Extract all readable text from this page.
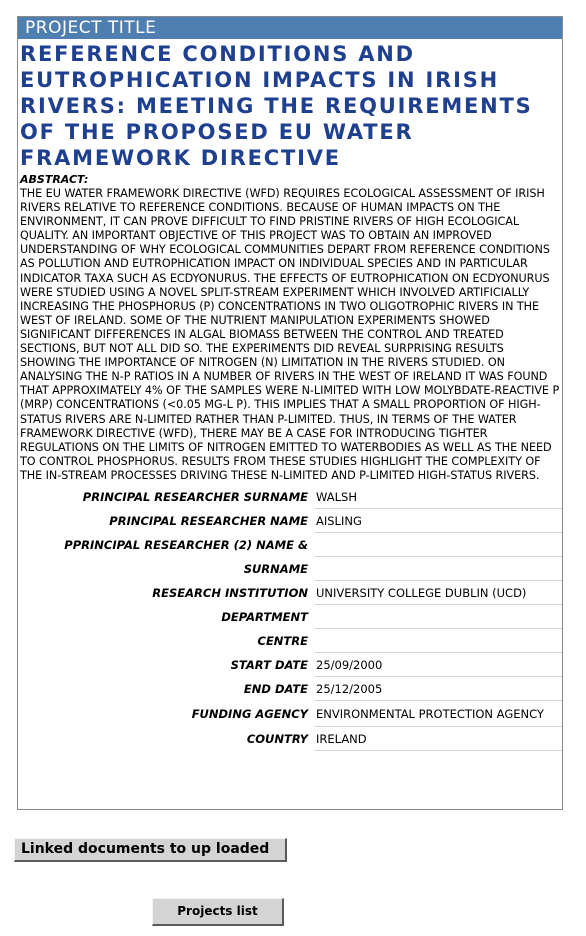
PROJECT TITLE
REFERENCE CONDITIONS AND EUTROPHICATION IMPACTS IN IRISH RIVERS: MEETING THE REQUIREMENTS OF THE PROPOSED EU WATER FRAMEWORK DIRECTIVE
ABSTRACT:
THE EU WATER FRAMEWORK DIRECTIVE (WFD) REQUIRES ECOLOGICAL ASSESSMENT OF IRISH RIVERS RELATIVE TO REFERENCE CONDITIONS. BECAUSE OF HUMAN IMPACTS ON THE ENVIRONMENT, IT CAN PROVE DIFFICULT TO FIND PRISTINE RIVERS OF HIGH ECOLOGICAL QUALITY. AN IMPORTANT OBJECTIVE OF THIS PROJECT WAS TO OBTAIN AN IMPROVED UNDERSTANDING OF WHY ECOLOGICAL COMMUNITIES DEPART FROM REFERENCE CONDITIONS AS POLLUTION AND EUTROPHICATION IMPACT ON INDIVIDUAL SPECIES AND IN PARTICULAR INDICATOR TAXA SUCH AS ECDYONURUS. THE EFFECTS OF EUTROPHICATION ON ECDYONURUS WERE STUDIED USING A NOVEL SPLIT-STREAM EXPERIMENT WHICH INVOLVED ARTIFICIALLY INCREASING THE PHOSPHORUS (P) CONCENTRATIONS IN TWO OLIGOTROPHIC RIVERS IN THE WEST OF IRELAND. SOME OF THE NUTRIENT MANIPULATION EXPERIMENTS SHOWED SIGNIFICANT DIFFERENCES IN ALGAL BIOMASS BETWEEN THE CONTROL AND TREATED SECTIONS, BUT NOT ALL DID SO. THE EXPERIMENTS DID REVEAL SURPRISING RESULTS SHOWING THE IMPORTANCE OF NITROGEN (N) LIMITATION IN THE RIVERS STUDIED. ON ANALYSING THE N-P RATIOS IN A NUMBER OF RIVERS IN THE WEST OF IRELAND IT WAS FOUND THAT APPROXIMATELY 4% OF THE SAMPLES WERE N-LIMITED WITH LOW MOLYBDATE-REACTIVE P (MRP) CONCENTRATIONS (<0.05 MG-L P). THIS IMPLIES THAT A SMALL PROPORTION OF HIGH-STATUS RIVERS ARE N-LIMITED RATHER THAN P-LIMITED. THUS, IN TERMS OF THE WATER FRAMEWORK DIRECTIVE (WFD), THERE MAY BE A CASE FOR INTRODUCING TIGHTER REGULATIONS ON THE LIMITS OF NITROGEN EMITTED TO WATERBODIES AS WELL AS THE NEED TO CONTROL PHOSPHORUS. RESULTS FROM THESE STUDIES HIGHLIGHT THE COMPLEXITY OF THE IN-STREAM PROCESSES DRIVING THESE N-LIMITED AND P-LIMITED HIGH-STATUS RIVERS.
PRINCIPAL RESEARCHER SURNAME	WALSH
PRINCIPAL RESEARCHER NAME	AISLING
PPRINCIPAL RESEARCHER (2) NAME &	
SURNAME	
RESEARCH INSTITUTION	UNIVERSITY COLLEGE DUBLIN (UCD)
DEPARTMENT	
CENTRE	
START DATE	25/09/2000
END DATE	25/12/2005
FUNDING AGENCY	ENVIRONMENTAL PROTECTION AGENCY
COUNTRY	IRELAND
Linked documents to up loaded
Projects list
